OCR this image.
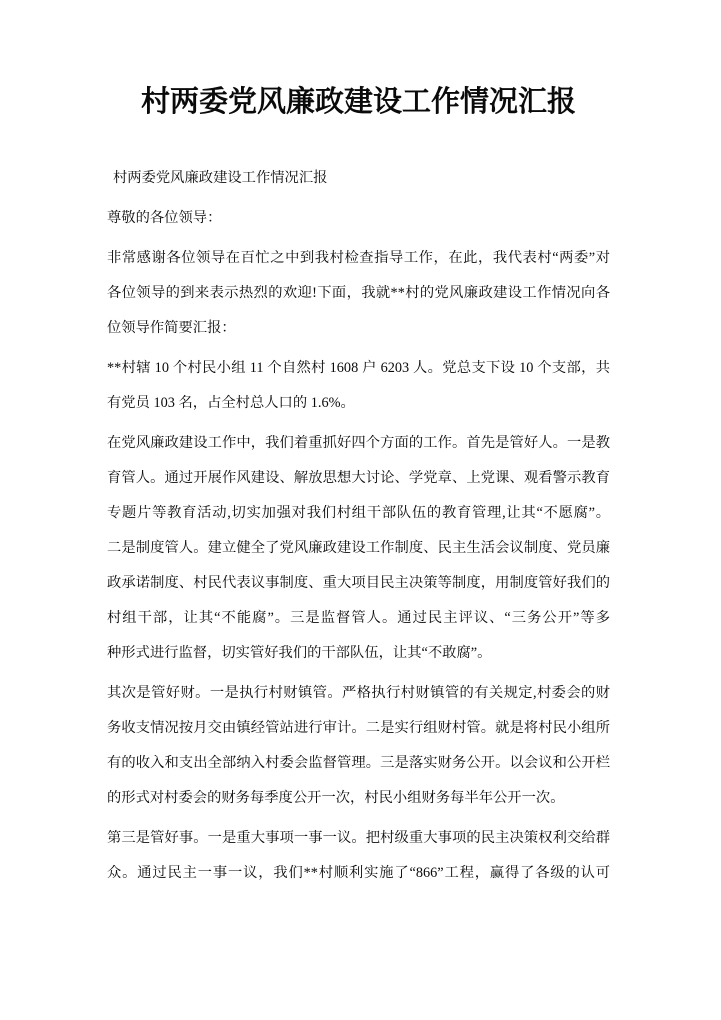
村两委党风廉政建设工作情况汇报
村两委党风廉政建设工作情况汇报
尊敬的各位领导：
非常感谢各位领导在百忙之中到我村检查指导工作，在此，我代表村“两委”对
各位领导的到来表示热烈的欢迎!下面，我就**村的党风廉政建设工作情况向各
位领导作简要汇报：
**村辖 10 个村民小组 11 个自然村 1608 户 6203 人。党总支下设 10 个支部，共
有党员 103 名，占全村总人口的 1.6%。
在党风廉政建设工作中，我们着重抓好四个方面的工作。首先是管好人。一是教
育管人。通过开展作风建设、解放思想大讨论、学党章、上党课、观看警示教育
专题片等教育活动,切实加强对我们村组干部队伍的教育管理,让其“不愿腐”。
二是制度管人。建立健全了党风廉政建设工作制度、民主生活会议制度、党员廉
政承诺制度、村民代表议事制度、重大项目民主决策等制度，用制度管好我们的
村组干部，让其“不能腐”。三是监督管人。通过民主评议、“三务公开”等多
种形式进行监督，切实管好我们的干部队伍，让其“不敢腐”。
其次是管好财。一是执行村财镇管。严格执行村财镇管的有关规定,村委会的财
务收支情况按月交由镇经管站进行审计。二是实行组财村管。就是将村民小组所
有的收入和支出全部纳入村委会监督管理。三是落实财务公开。以会议和公开栏
的形式对村委会的财务每季度公开一次，村民小组财务每半年公开一次。
第三是管好事。一是重大事项一事一议。把村级重大事项的民主决策权利交给群
众。通过民主一事一议，我们**村顺利实施了“866”工程，赢得了各级的认可
